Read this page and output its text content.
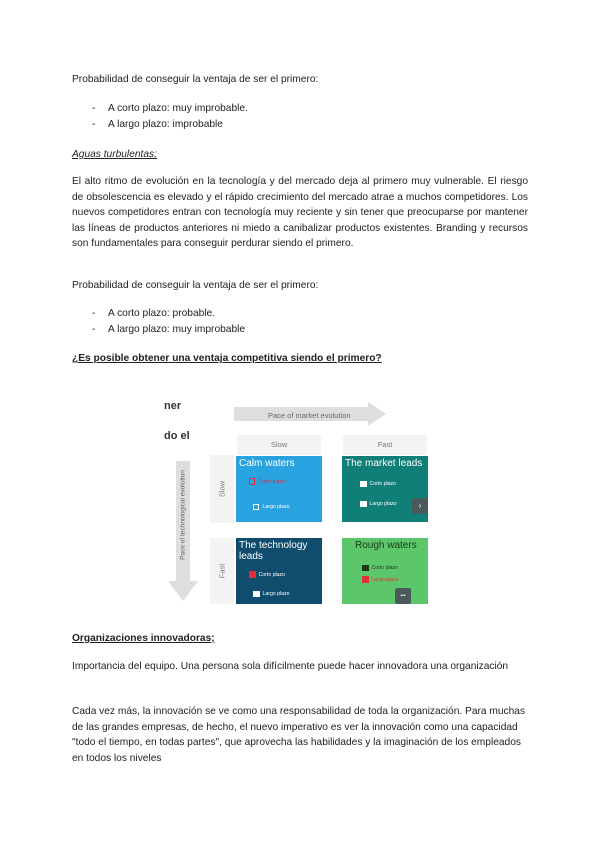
Probabilidad de conseguir la ventaja de ser el primero:

- A corto plazo: muy improbable.

- A largo plazo: improbable

Aguas turbulentas;

El alto ritmo de evolución en la tecnología y del mercado deja al primero muy vulnerable. El riesgo de obsolescencia es elevado y el rápido crecimiento del mercado atrae a muchos competidores. Los nuevos competidores entran con tecnología muy reciente y sin tener que preocuparse por mantener las líneas de productos anteriores ni miedo a canibalizar productos existentes. Branding y recursos son fundamentales para conseguir perdurar siendo el primero.

Probabilidad de conseguir la ventaja de ser el primero:

- A corto plazo: probable.

- A largo plazo: muy improbable

¿Es posible obtener una ventaja competitiva siendo el primero?

ner
do el
Pace of market evolution
Pace of technological evolution
Slow	Fast
Slow
Fast
Calm waters
Corto plazo
Largo plazo
The market leads
Corto plazo
Largo plazo	›
The technology leads
Corto plazo
Largo plazo
Rough waters
Corto plazo
Largo plazo
•••

Organizaciones innovadoras;

Importancia del equipo. Una persona sola difícilmente puede hacer innovadora una organización

Cada vez más, la innovación se ve como una responsabilidad de toda la organización. Para muchas de las grandes empresas, de hecho, el nuevo imperativo es ver la innovación como una capacidad "todo el tiempo, en todas partes", que aprovecha las habilidades y la imaginación de los empleados en todos los niveles
